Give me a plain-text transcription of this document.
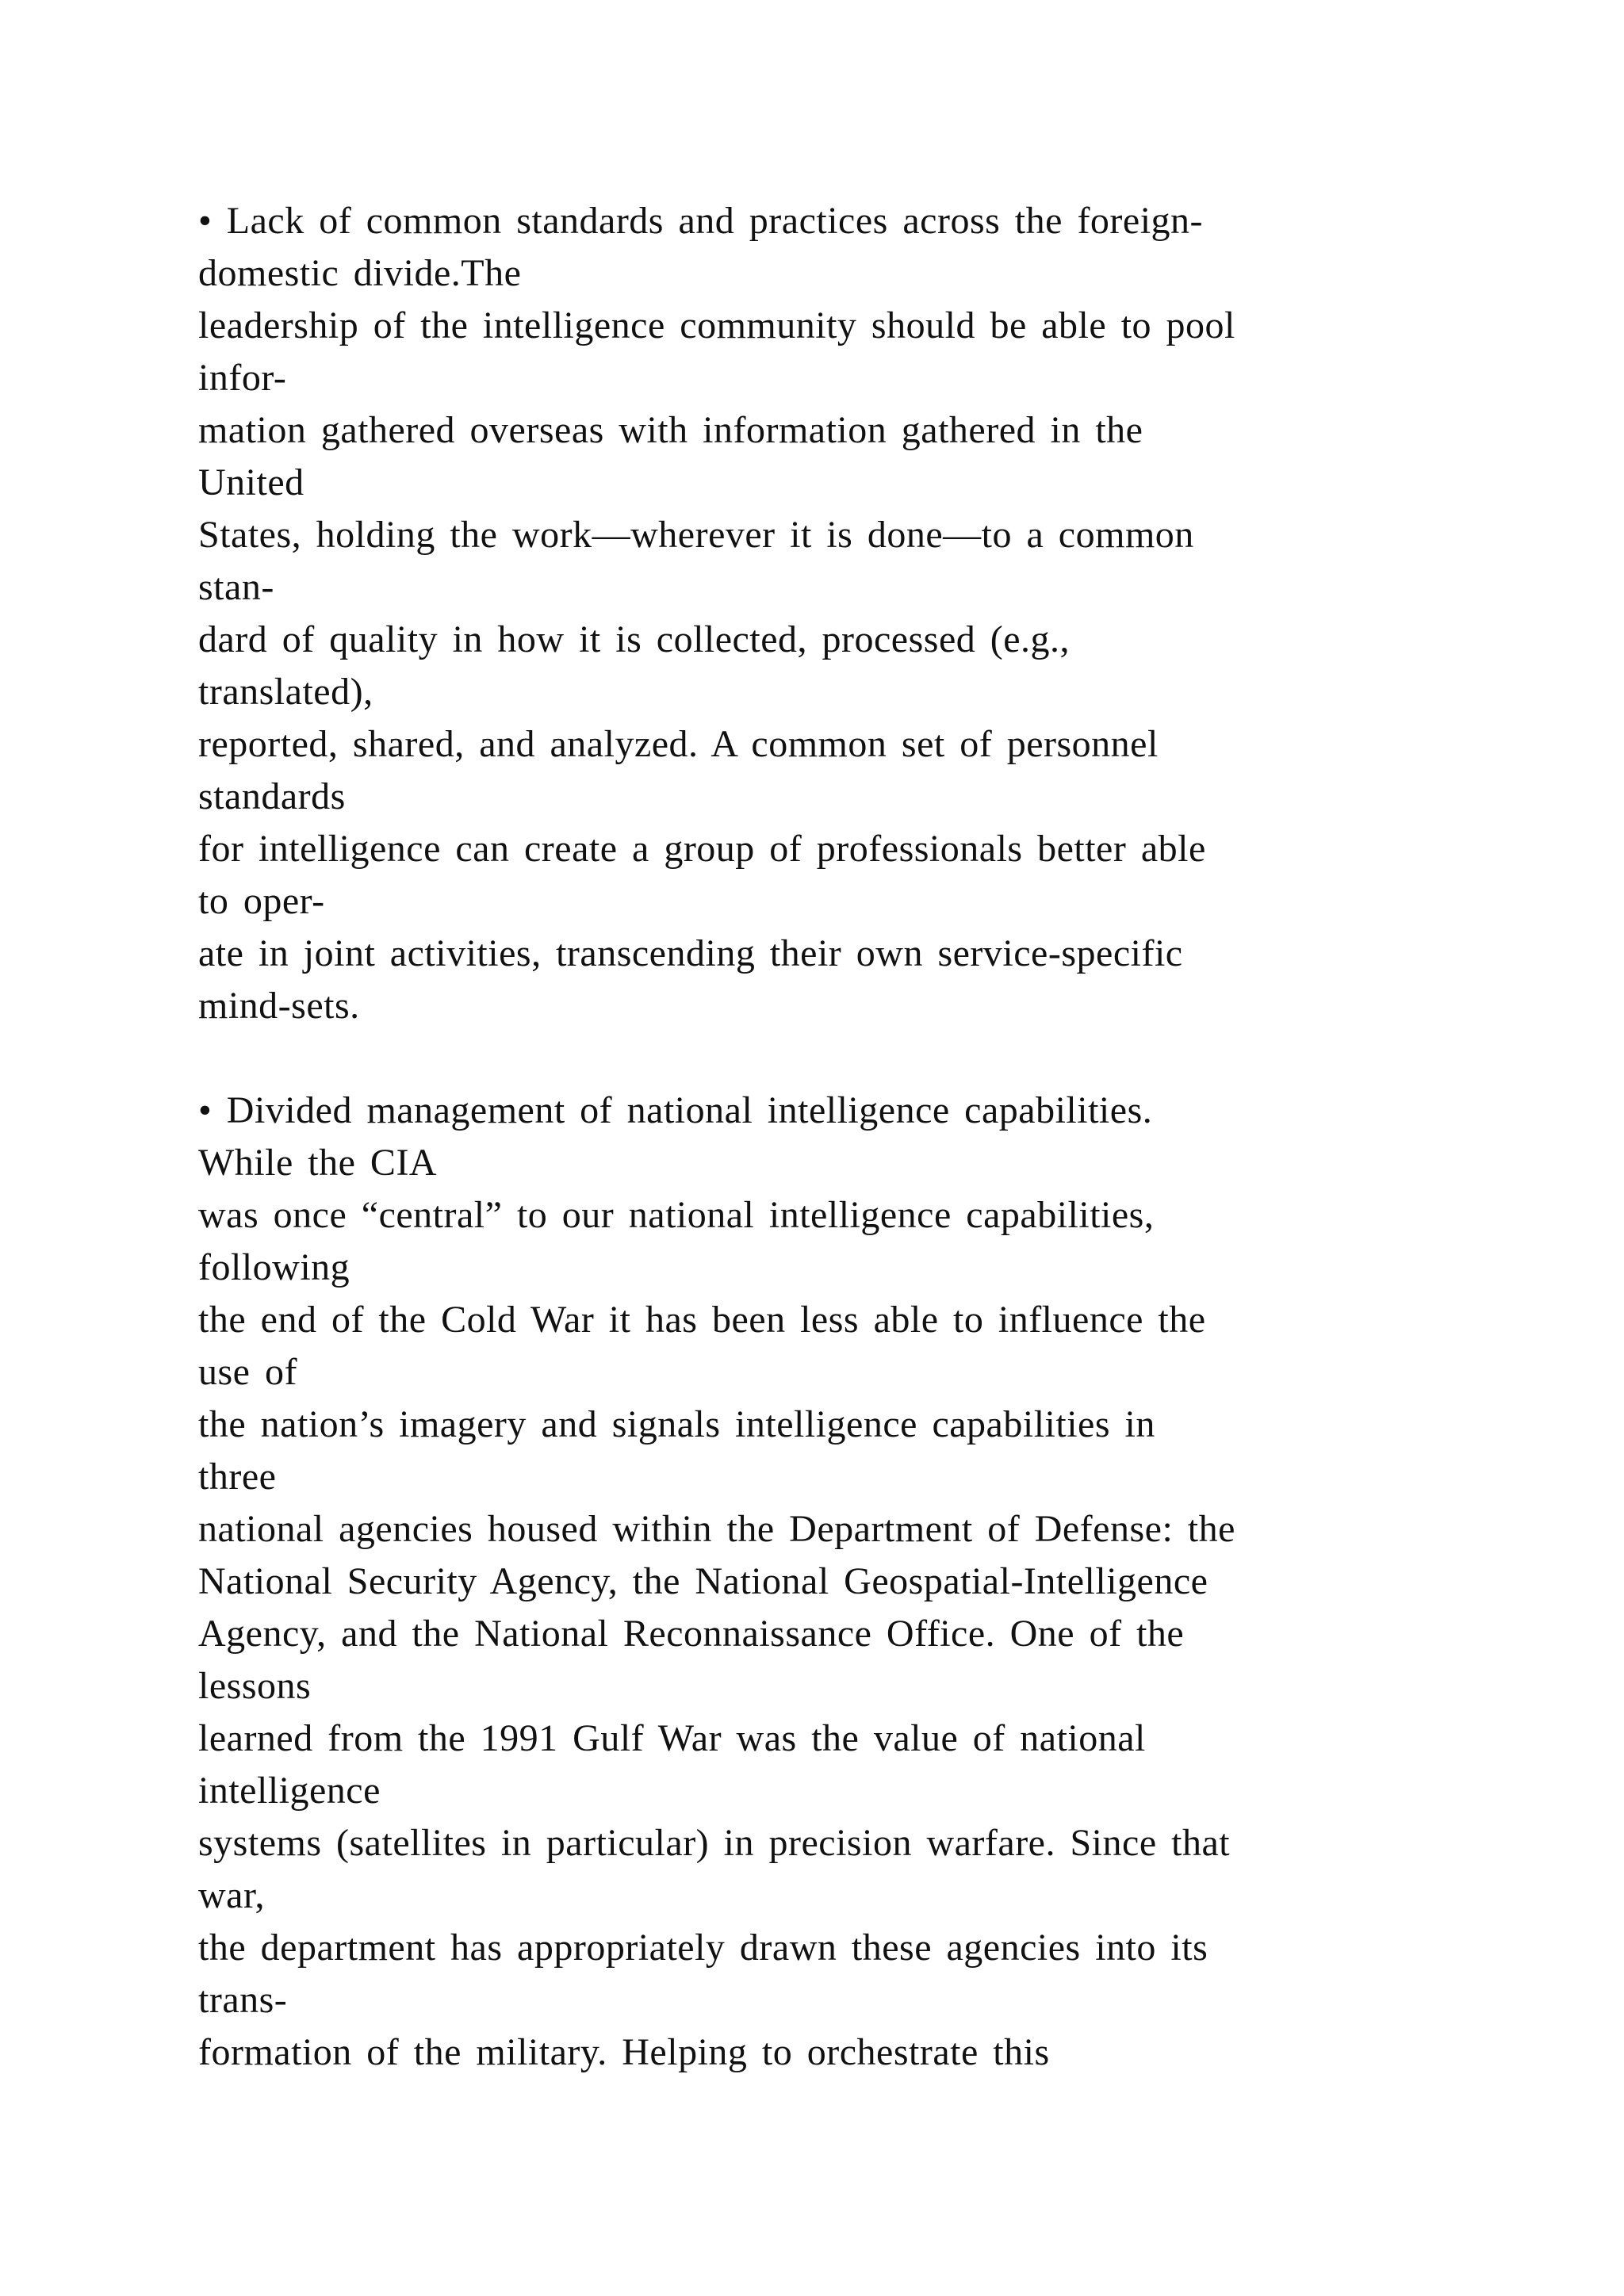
• Lack of common standards and practices across the foreign-
domestic divide.The
leadership of the intelligence community should be able to pool
infor-
mation gathered overseas with information gathered in the
United
States, holding the work—wherever it is done—to a common
stan-
dard of quality in how it is collected, processed (e.g.,
translated),
reported, shared, and analyzed. A common set of personnel
standards
for intelligence can create a group of professionals better able
to oper-
ate in joint activities, transcending their own service-specific
mind-sets.
• Divided management of national intelligence capabilities.
While the CIA
was once “central” to our national intelligence capabilities,
following
the end of the Cold War it has been less able to influence the
use of
the nation’s imagery and signals intelligence capabilities in
three
national agencies housed within the Department of Defense: the
National Security Agency, the National Geospatial-Intelligence
Agency, and the National Reconnaissance Office. One of the
lessons
learned from the 1991 Gulf War was the value of national
intelligence
systems (satellites in particular) in precision warfare. Since that
war,
the department has appropriately drawn these agencies into its
trans-
formation of the military. Helping to orchestrate this
